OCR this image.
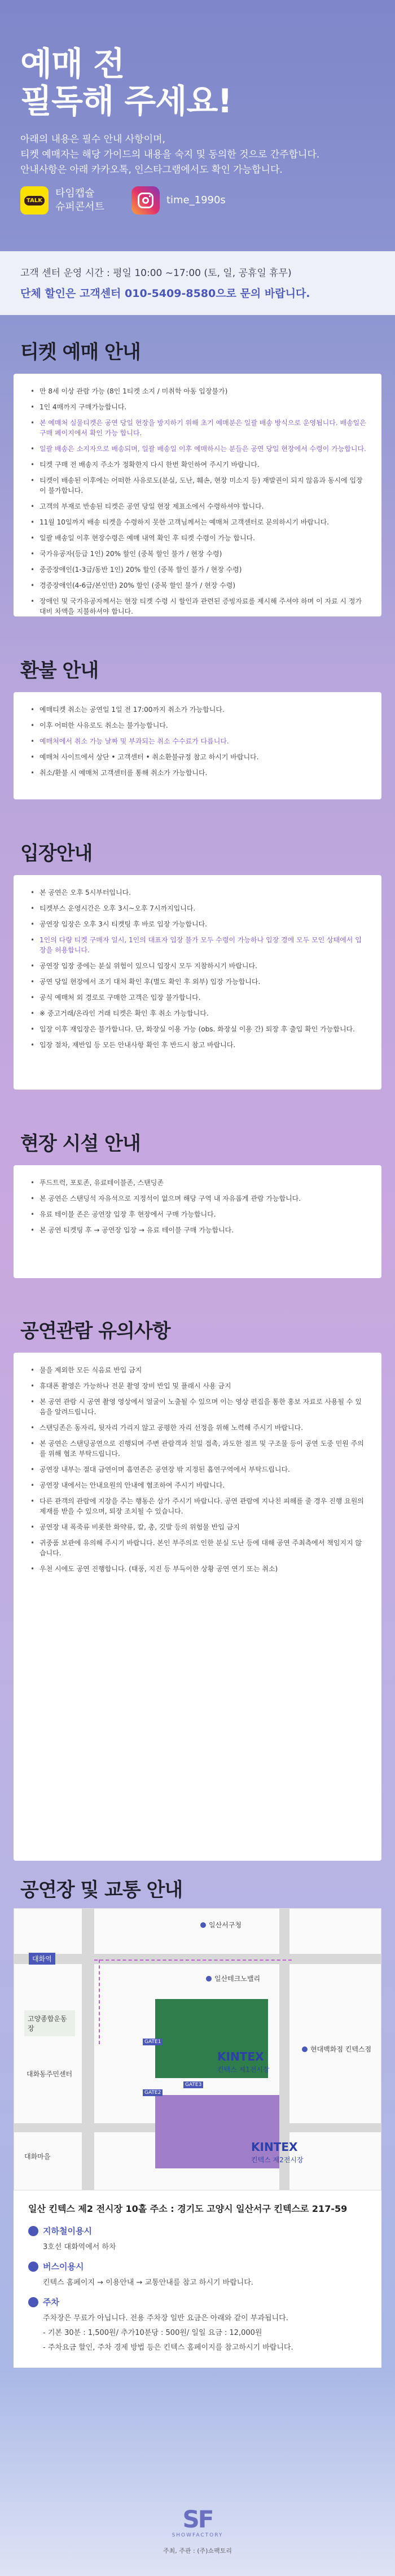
예매 전
필독해 주세요!

아래의 내용은 필수 안내 사항이며,

티켓 예매자는 해당 가이드의 내용을 숙지 및 동의한 것으로 간주합니다.

안내사항은 아래 카카오톡, 인스타그램에서도 확인 가능합니다.

TALK
타임캡슐
슈퍼콘서트
time_1990s
고객 센터 운영 시간 : 평일 10:00 ~17:00 (토, 일, 공휴일 휴무)
단체 할인은 고객센터 010-5409-8580으로 문의 바랍니다.
티켓 예매 안내
• 만 8세 이상 관람 가능 (8인 1티켓 소지 / 미취학 아동 입장불가)
• 1인 4매까지 구매가능합니다.
• 본 예매처 실물티켓은 공연 당일 현장을 방지하기 위해 초기 예매분은 일괄 배송 방식으로 운영됩니다. 배송일은 구매 페이지에서 확인 가능 합니다.
• 일괄 배송은 소지자으로 배송되며, 일괄 배송일 이후 예매하시는 분들은 공연 당일 현장에서 수령이 가능합니다.
• 티켓 구매 전 배송지 주소가 정확한지 다시 한번 확인하여 주시기 바랍니다.
• 티켓이 배송된 이후에는 어떠한 사유로도(분실, 도난, 훼손, 현장 미소지 등) 재발권이 되지 않음과 동시에 입장이 불가합니다.
• 고객의 부재로 반송된 티켓은 공연 당일 현장 제표소에서 수령하셔야 합니다.
• 11월 10일까지 배송 티켓을 수령하지 못한 고객님께서는 예매처 고객센터로 문의하시기 바랍니다.
• 일괄 배송일 이후 현장수령은 예매 내역 확인 후 티켓 수령이 가능 합니다.
• 국가유공자(등급 1인) 20% 할인 (중복 할인 불가 / 현장 수령)
• 중증장애인(1-3급/동반 1인) 20% 할인 (중복 할인 불가 / 현장 수령)
• 경증장애인(4-6급/본인만) 20% 할인 (중복 할인 불가 / 현장 수령)
• 장애인 및 국가유공자께서는 현장 티켓 수령 시 할인과 관련된 증빙자료를 제시해 주셔야 하며 이 자료 시 정가 대비 차액을 지불하셔야 합니다.
환불 안내
• 예매티켓 취소는 공연일 1일 전 17:00까지 취소가 가능합니다.
• 이후 어떠한 사유로도 취소는 불가능합니다.
• 예매처에서 취소 가능 날짜 및 부과되는 취소 수수료가 다릅니다.
• 예매처 사이트에서 상단 • 고객센터 • 취소환불규정 참고 하시기 바랍니다.
• 취소/환불 시 예매처 고객센터를 통해 취소가 가능합니다.
입장안내
• 본 공연은 오후 5시부터입니다.
• 티켓부스 운영시간은 오후 3시~오후 7시까지입니다.
• 공연장 입장은 오후 3시 티켓팅 후 바로 입장 가능합니다.
• 1인의 다량 티켓 구매자 일시, 1인의 대표자 입장 불가 모두 수령이 가능하나 입장 경에 모두 모인 상태에서 입장을 허용합니다.
• 공연장 입장 중에는 분실 위험이 있으니 입장시 모두 지참하시기 바랍니다.
• 공연 당일 현장에서 조기 대처 확인 후(별도 확인 후 외부) 입장 가능합니다.
• 공식 예매처 외 경로로 구매한 고객은 입장 불가합니다.
• ※ 중고거래/온라인 거래 티켓은 확인 후 취소 가능합니다.
• 입장 이후 재입장은 불가합니다. 단, 화장실 이용 가능 (obs. 화장실 이용 간) 퇴장 후 출입 확인 가능합니다.
• 입장 절차, 재반입 등 모든 안내사항 확인 후 반드시 참고 바랍니다.
현장 시설 안내
• 푸드트럭, 포토존, 유료테이블존, 스탠딩존
• 본 공연은 스탠딩석 자유석으로 지정석이 없으며 해당 구역 내 자유롭게 관람 가능합니다.
• 유료 테이블 존은 공연장 입장 후 현장에서 구매 가능합니다.
• 본 공연 티켓팅 후 → 공연장 입장 → 유료 테이블 구매 가능합니다.
공연관람 유의사항
• 물을 제외한 모든 식음료 반입 금지
• 휴대폰 촬영은 가능하나 전문 촬영 장비 반입 및 플래시 사용 금지
• 본 공연 관람 시 공연 촬영 영상에서 얼굴이 노출될 수 있으며 이는 영상 편집을 통한 홍보 자료로 사용될 수 있음을 알려드립니다.
• 스탠딩존은 동자리, 뒷자리 가리지 않고 공평한 자리 선정을 위해 노력해 주시기 바랍니다.
• 본 공연은 스탠딩공연으로 진행되며 주변 관람객과 친밀 접촉, 과도한 점프 및 구조물 등이 공연 도중 민원 주의를 위해 협조 부탁드립니다.
• 공연장 내부는 절대 금연이며 흡연존은 공연장 밖 지정된 흡연구역에서 부탁드립니다.
• 공연장 내에서는 안내요원의 안내에 협조하여 주시기 바랍니다.
• 다른 관객의 관람에 지장을 주는 행동은 삼가 주시기 바랍니다. 공연 관람에 지나친 피해를 줄 경우 진행 요원의 제재를 받을 수 있으며, 퇴장 조치될 수 있습니다.
• 공연장 내 폭죽류 비롯한 화약류, 칼, 총, 깃발 등의 위험물 반입 금지
• 귀중품 보관에 유의해 주시기 바랍니다. 본인 부주의로 인한 분실 도난 등에 대해 공연 주최측에서 책임지지 않습니다.
• 우천 시에도 공연 진행합니다. (태풍, 지진 등 부득이한 상황 공연 연기 또는 취소)
공연장 및 교통 안내
일산서구청
대화역
고양종합운동장
대화동주민센터
대화마을
일산테크노밸리
현대백화점 킨텍스점
KINTEX
킨텍스 제1전시장
KINTEX
킨텍스 제2전시장
GATE1
GATE2
GATE3
일산 킨텍스 제2 전시장 10홀 주소 : 경기도 고양시 일산서구 킨텍스로 217-59
지하철이용시

3호선 대화역에서 하차

버스이용시

킨텍스 홈페이지 → 이용안내 → 교통안내를 참고 하시기 바랍니다.

주차

주차장은 무료가 아닙니다. 전용 주차장 일반 요금은 아래와 같이 부과됩니다.

- 기본 30분 : 1,500원/ 추가10분당 : 500원/ 일일 요금 : 12,000원

- 주차요금 할인, 주차 경제 방법 등은 킨텍스 홈페이지를 참고하시기 바랍니다.

SF
SHOWFACTORY
주최, 주관 : (주)쇼팩토리
